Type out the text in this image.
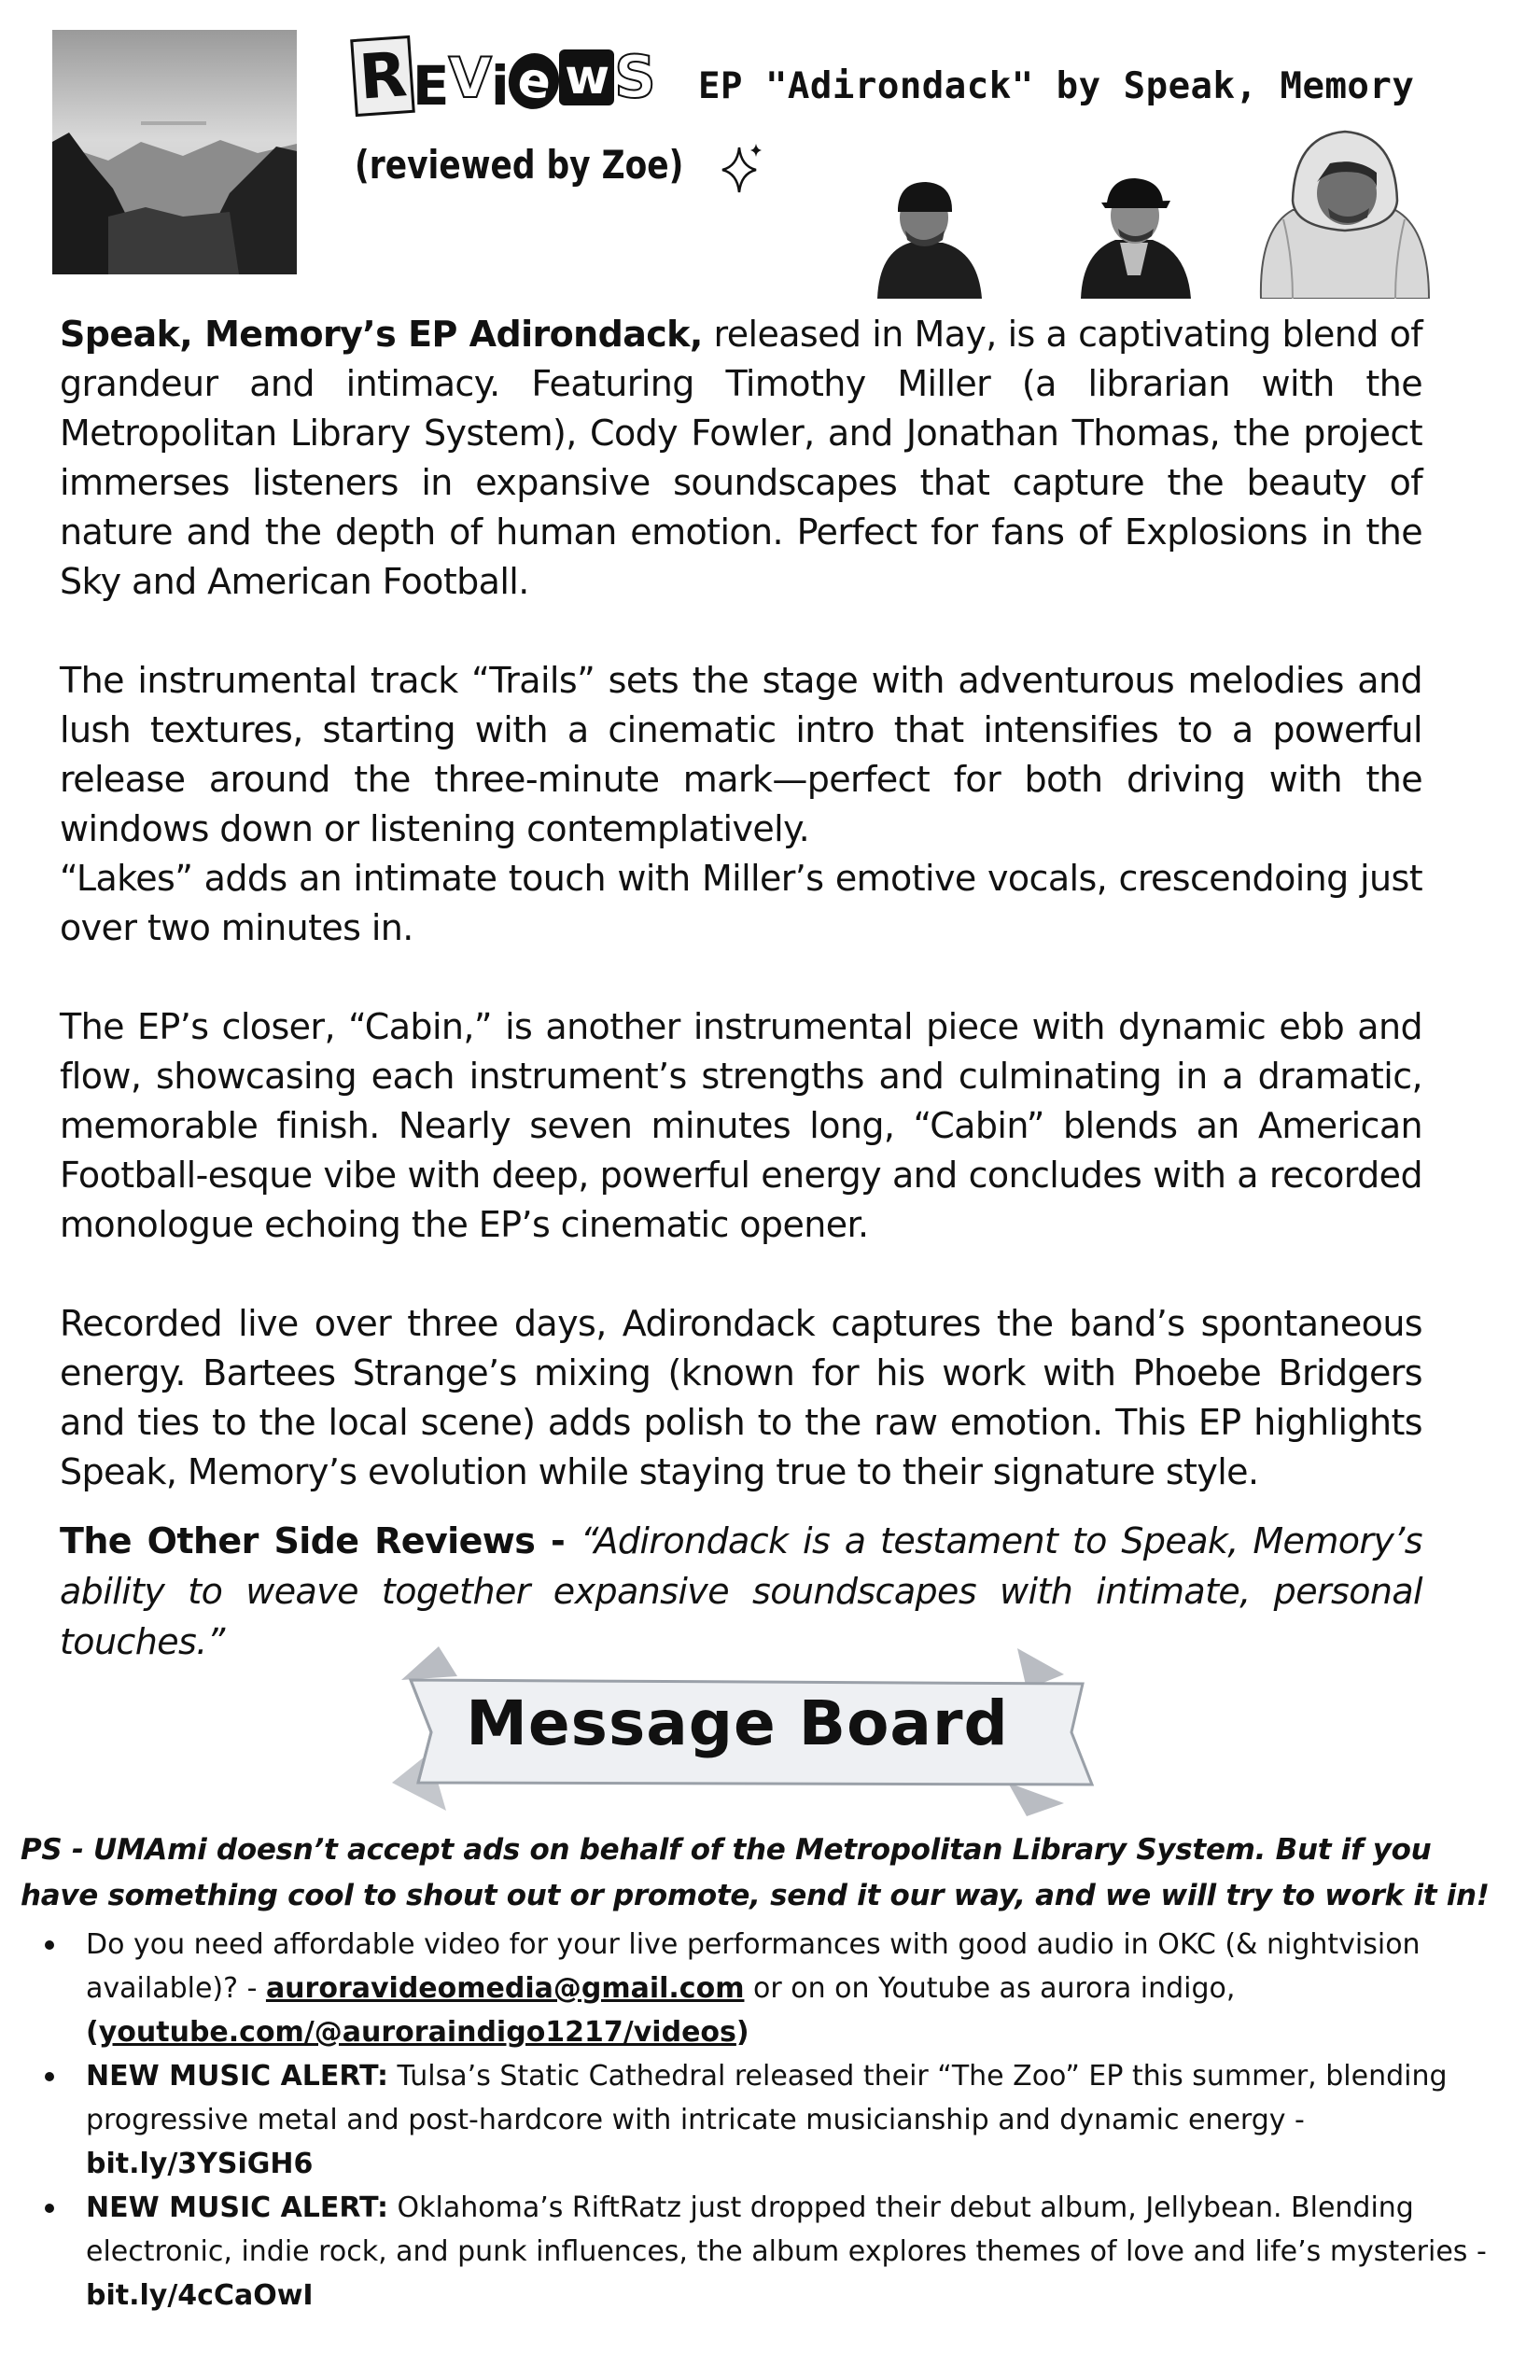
REVi e wS EP "Adirondack" by Speak, Memory
(reviewed by Zoe)

Speak, Memory’s EP Adirondack, released in May, is a captivating blend of grandeur and intimacy. Featuring Timothy Miller (a librarian with the Metropolitan Library System), Cody Fowler, and Jonathan Thomas, the project immerses listeners in expansive soundscapes that capture the beauty of nature and the depth of human emotion. Perfect for fans of Explosions in the Sky and American Football.

The instrumental track “Trails” sets the stage with adventurous melodies and lush textures, starting with a cinematic intro that intensifies to a powerful release around the three-minute mark—perfect for both driving with the windows down or listening contemplatively.

“Lakes” adds an intimate touch with Miller’s emotive vocals, crescendoing just over two minutes in.

The EP’s closer, “Cabin,” is another instrumental piece with dynamic ebb and flow, showcasing each instrument’s strengths and culminating in a dramatic, memorable finish. Nearly seven minutes long, “Cabin” blends an American Football-esque vibe with deep, powerful energy and concludes with a recorded monologue echoing the EP’s cinematic opener.

Recorded live over three days, Adirondack captures the band’s spontaneous energy. Bartees Strange’s mixing (known for his work with Phoebe Bridgers and ties to the local scene) adds polish to the raw emotion. This EP highlights Speak, Memory’s evolution while staying true to their signature style.

The Other Side Reviews - “Adirondack is a testament to Speak, Memory’s ability to weave together expansive soundscapes with intimate, personal touches.”
Message Board
PS - UMAmi doesn’t accept ads on behalf of the Metropolitan Library System. But if you have something cool to shout out or promote, send it our way, and we will try to work it in!
Do you need affordable video for your live performances with good audio in OKC (& nightvision available)? - auroravideomedia@gmail.com or on on Youtube as aurora indigo,
(youtube.com/@auroraindigo1217/videos)
NEW MUSIC ALERT: Tulsa’s Static Cathedral released their “The Zoo” EP this summer, blending progressive metal and post-hardcore with intricate musicianship and dynamic energy - bit.ly/3YSiGH6
NEW MUSIC ALERT: Oklahoma’s RiftRatz just dropped their debut album, Jellybean. Blending electronic, indie rock, and punk influences, the album explores themes of love and life’s mysteries - bit.ly/4cCaOwI
